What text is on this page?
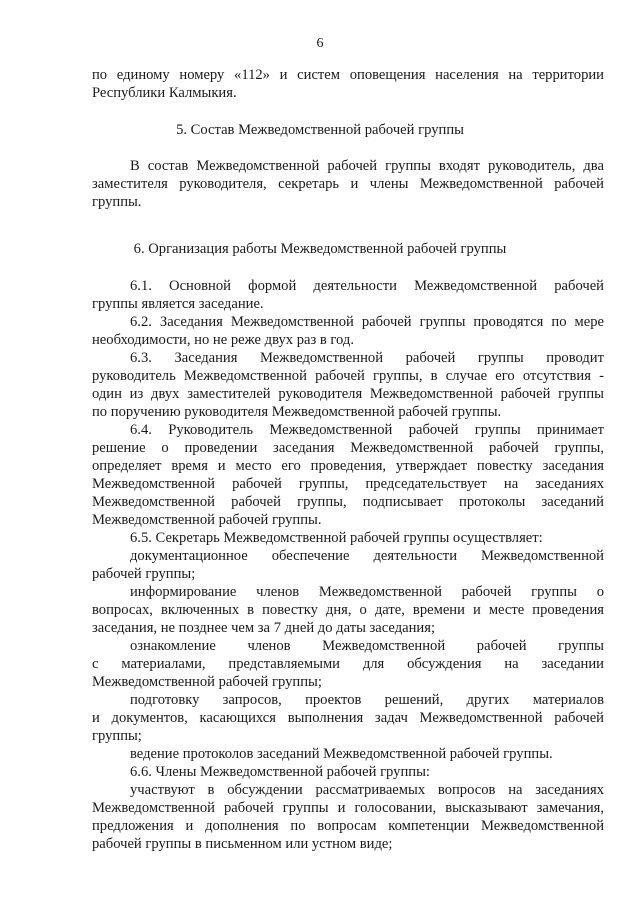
6
по единому номеру «112» и систем оповещения населения на территории
Республики Калмыкия.
5. Состав Межведомственной рабочей группы
В состав Межведомственной рабочей группы входят руководитель, два
заместителя руководителя, секретарь и члены Межведомственной рабочей
группы.
6. Организация работы Межведомственной рабочей группы
6.1. Основной формой деятельности Межведомственной рабочей
группы является заседание.
6.2. Заседания Межведомственной рабочей группы проводятся по мере
необходимости, но не реже двух раз в год.
6.3. Заседания Межведомственной рабочей группы проводит
руководитель Межведомственной рабочей группы, в случае его отсутствия -
один из двух заместителей руководителя Межведомственной рабочей группы
по поручению руководителя Межведомственной рабочей группы.
6.4. Руководитель Межведомственной рабочей группы принимает
решение о проведении заседания Межведомственной рабочей группы,
определяет время и место его проведения, утверждает повестку заседания
Межведомственной рабочей группы, председательствует на заседаниях
Межведомственной рабочей группы, подписывает протоколы заседаний
Межведомственной рабочей группы.
6.5. Секретарь Межведомственной рабочей группы осуществляет:
документационное обеспечение деятельности Межведомственной
рабочей группы;
информирование членов Межведомственной рабочей группы о
вопросах, включенных в повестку дня, о дате, времени и месте проведения
заседания, не позднее чем за 7 дней до даты заседания;
ознакомление членов Межведомственной рабочей группы
с материалами, представляемыми для обсуждения на заседании
Межведомственной рабочей группы;
подготовку запросов, проектов решений, других материалов
и документов, касающихся выполнения задач Межведомственной рабочей
группы;
ведение протоколов заседаний Межведомственной рабочей группы.
6.6. Члены Межведомственной рабочей группы:
участвуют в обсуждении рассматриваемых вопросов на заседаниях
Межведомственной рабочей группы и голосовании, высказывают замечания,
предложения и дополнения по вопросам компетенции Межведомственной
рабочей группы в письменном или устном виде;
